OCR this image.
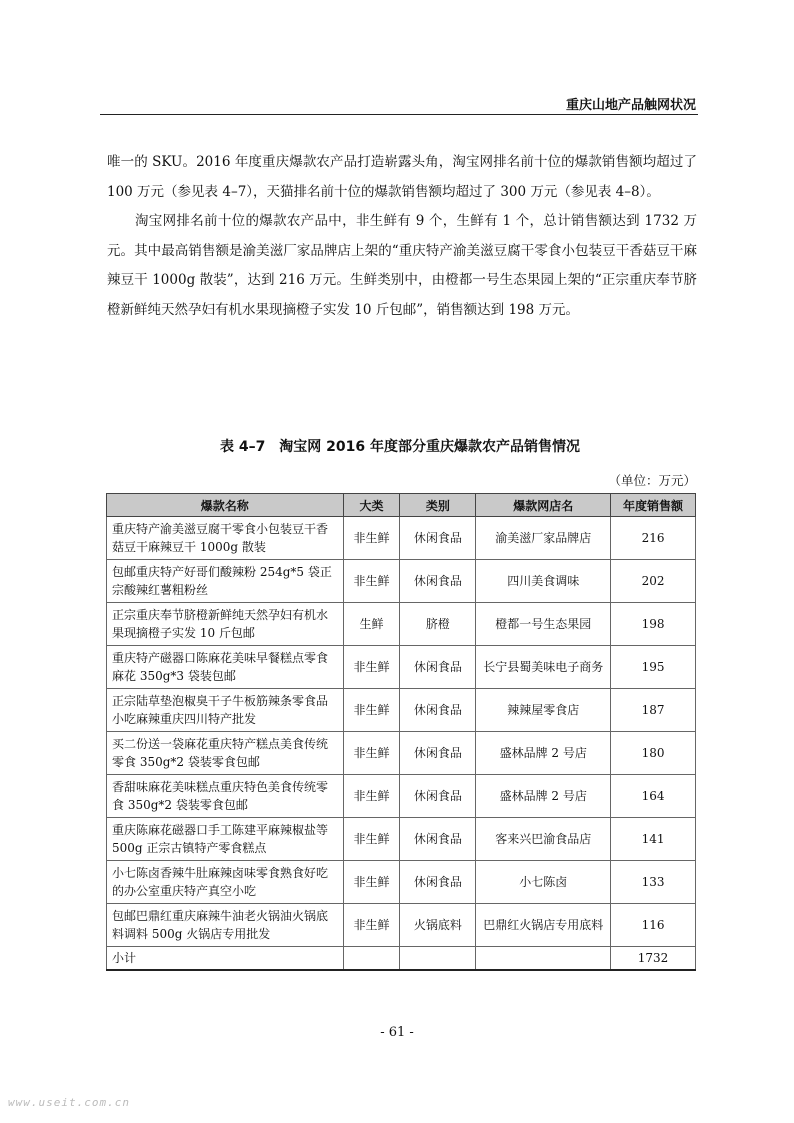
重庆山地产品触网状况

唯一的 SKU。2016 年度重庆爆款农产品打造崭露头角，淘宝网排名前十位的爆款销售额均超过了 100 万元（参见表 4–7），天猫排名前十位的爆款销售额均超过了 300 万元（参见表 4–8）。

淘宝网排名前十位的爆款农产品中，非生鲜有 9 个，生鲜有 1 个，总计销售额达到 1732 万元。其中最高销售额是渝美滋厂家品牌店上架的“重庆特产渝美滋豆腐干零食小包装豆干香菇豆干麻辣豆干 1000g 散装”，达到 216 万元。生鲜类别中，由橙都一号生态果园上架的“正宗重庆奉节脐橙新鲜纯天然孕妇有机水果现摘橙子实发 10 斤包邮”，销售额达到 198 万元。

表 4–7　淘宝网 2016 年度部分重庆爆款农产品销售情况
（单位：万元）
爆款名称	大类	类别	爆款网店名	年度销售额
重庆特产渝美滋豆腐干零食小包装豆干香菇豆干麻辣豆干 1000g 散装	非生鲜	休闲食品	渝美滋厂家品牌店	216
包邮重庆特产好哥们酸辣粉 254g*5 袋正宗酸辣红薯粗粉丝	非生鲜	休闲食品	四川美食调味	202
正宗重庆奉节脐橙新鲜纯天然孕妇有机水果现摘橙子实发 10 斤包邮	生鲜	脐橙	橙都一号生态果园	198
重庆特产磁器口陈麻花美味早餐糕点零食麻花 350g*3 袋装包邮	非生鲜	休闲食品	长宁县蜀美味电子商务	195
正宗陆草垫泡椒臭干子牛板筋辣条零食品小吃麻辣重庆四川特产批发	非生鲜	休闲食品	辣辣屋零食店	187
买二份送一袋麻花重庆特产糕点美食传统零食 350g*2 袋装零食包邮	非生鲜	休闲食品	盛林品牌 2 号店	180
香甜味麻花美味糕点重庆特色美食传统零食 350g*2 袋装零食包邮	非生鲜	休闲食品	盛林品牌 2 号店	164
重庆陈麻花磁器口手工陈建平麻辣椒盐等 500g 正宗古镇特产零食糕点	非生鲜	休闲食品	客来兴巴渝食品店	141
小七陈卤香辣牛肚麻辣卤味零食熟食好吃的办公室重庆特产真空小吃	非生鲜	休闲食品	小七陈卤	133
包邮巴鼎红重庆麻辣牛油老火锅油火锅底料调料 500g 火锅店专用批发	非生鲜	火锅底料	巴鼎红火锅店专用底料	116
小计				1732
- 61 -
www.useit.com.cn
